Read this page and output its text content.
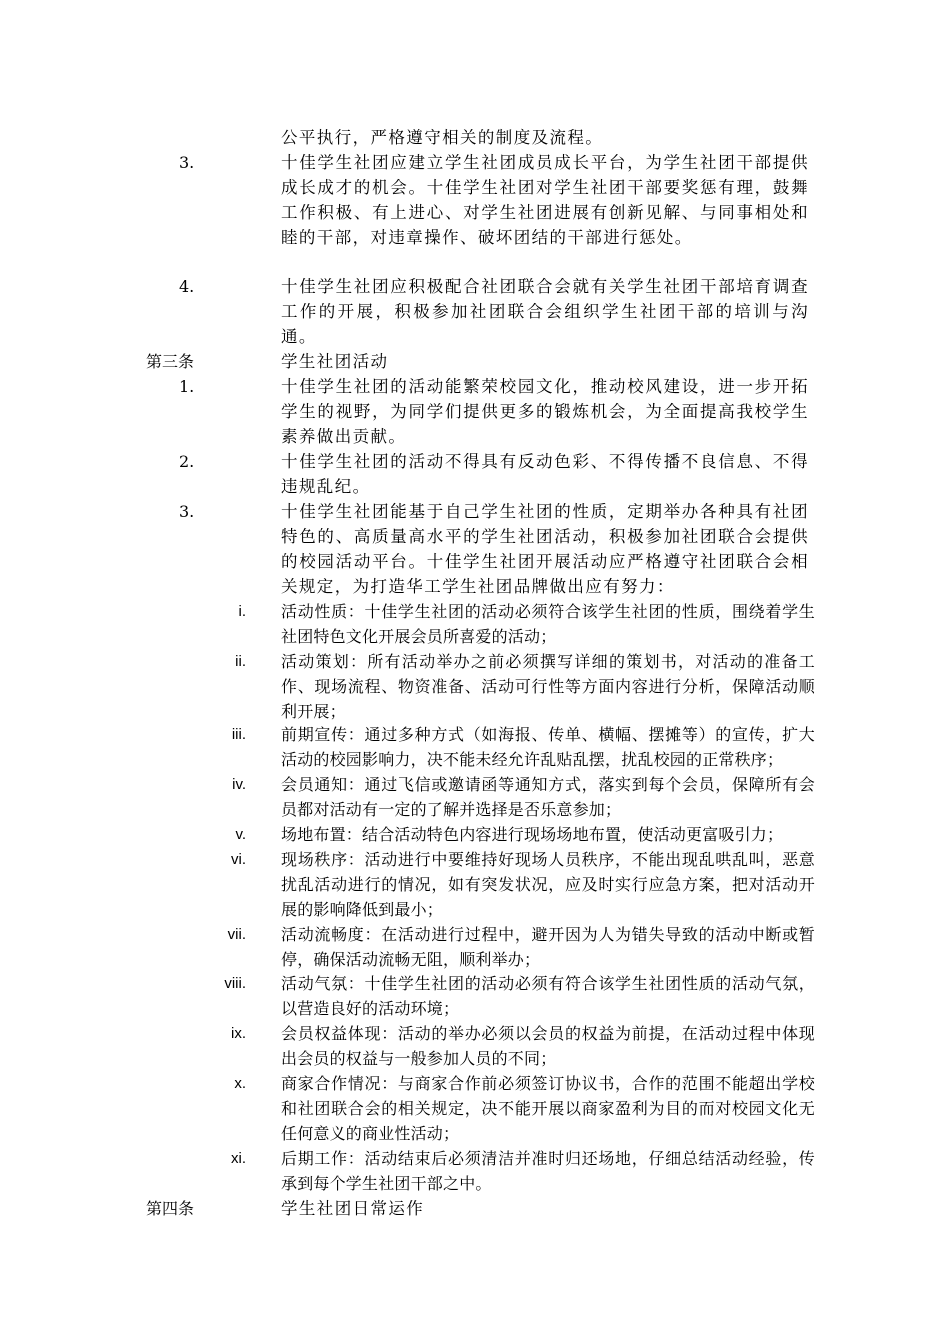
公平执行，严格遵守相关的制度及流程。
3.	十佳学生社团应建立学生社团成员成长平台，为学生社团干部提供成长成才的机会。十佳学生社团对学生社团干部要奖惩有理，鼓舞工作积极、有上进心、对学生社团进展有创新见解、与同事相处和睦的干部，对违章操作、破坏团结的干部进行惩处。
4.	十佳学生社团应积极配合社团联合会就有关学生社团干部培育调查工作的开展，积极参加社团联合会组织学生社团干部的培训与沟通。
第三条	学生社团活动
1.	十佳学生社团的活动能繁荣校园文化，推动校风建设，进一步开拓学生的视野，为同学们提供更多的锻炼机会，为全面提高我校学生素养做出贡献。
2.	十佳学生社团的活动不得具有反动色彩、不得传播不良信息、不得违规乱纪。
3.	十佳学生社团能基于自己学生社团的性质，定期举办各种具有社团特色的、高质量高水平的学生社团活动，积极参加社团联合会提供的校园活动平台。十佳学生社团开展活动应严格遵守社团联合会相关规定，为打造华工学生社团品牌做出应有努力：
i. 活动性质：十佳学生社团的活动必须符合该学生社团的性质，围绕着学生社团特色文化开展会员所喜爱的活动；
ii. 活动策划：所有活动举办之前必须撰写详细的策划书，对活动的准备工作、现场流程、物资准备、活动可行性等方面内容进行分析，保障活动顺利开展；
iii. 前期宣传：通过多种方式（如海报、传单、横幅、摆摊等）的宣传，扩大活动的校园影响力，决不能未经允许乱贴乱摆，扰乱校园的正常秩序；
iv. 会员通知：通过飞信或邀请函等通知方式，落实到每个会员，保障所有会员都对活动有一定的了解并选择是否乐意参加；
v. 场地布置：结合活动特色内容进行现场场地布置，使活动更富吸引力；
vi. 现场秩序：活动进行中要维持好现场人员秩序，不能出现乱哄乱叫，恶意扰乱活动进行的情况，如有突发状况，应及时实行应急方案，把对活动开展的影响降低到最小；
vii. 活动流畅度：在活动进行过程中，避开因为人为错失导致的活动中断或暂停，确保活动流畅无阻，顺利举办；
viii. 活动气氛：十佳学生社团的活动必须有符合该学生社团性质的活动气氛，以营造良好的活动环境；
ix. 会员权益体现：活动的举办必须以会员的权益为前提，在活动过程中体现出会员的权益与一般参加人员的不同；
x. 商家合作情况：与商家合作前必须签订协议书，合作的范围不能超出学校和社团联合会的相关规定，决不能开展以商家盈利为目的而对校园文化无任何意义的商业性活动；
xi. 后期工作：活动结束后必须清洁并准时归还场地，仔细总结活动经验，传承到每个学生社团干部之中。
第四条	学生社团日常运作
